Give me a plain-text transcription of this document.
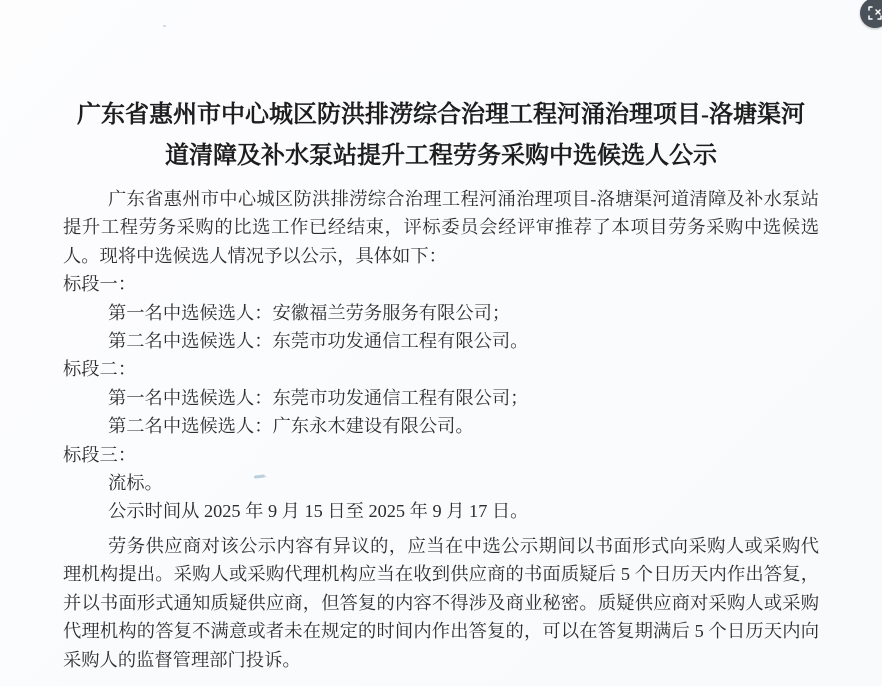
广东省惠州市中心城区防洪排涝综合治理工程河涌治理项目-洛塘渠河
道清障及补水泵站提升工程劳务采购中选候选人公示

广东省惠州市中心城区防洪排涝综合治理工程河涌治理项目-洛塘渠河道清障及补水泵站提升工程劳务采购的比选工作已经结束，评标委员会经评审推荐了本项目劳务采购中选候选人。现将中选候选人情况予以公示，具体如下：

标段一：

第一名中选候选人：安徽福兰劳务服务有限公司；

第二名中选候选人：东莞市功发通信工程有限公司。

标段二：

第一名中选候选人：东莞市功发通信工程有限公司；

第二名中选候选人：广东永木建设有限公司。

标段三：

流标。

公示时间从 2025 年 9 月 15 日至 2025 年 9 月 17 日。

劳务供应商对该公示内容有异议的，应当在中选公示期间以书面形式向采购人或采购代理机构提出。采购人或采购代理机构应当在收到供应商的书面质疑后 5 个日历天内作出答复，并以书面形式通知质疑供应商，但答复的内容不得涉及商业秘密。质疑供应商对采购人或采购代理机构的答复不满意或者未在规定的时间内作出答复的，可以在答复期满后 5 个日历天内向采购人的监督管理部门投诉。
